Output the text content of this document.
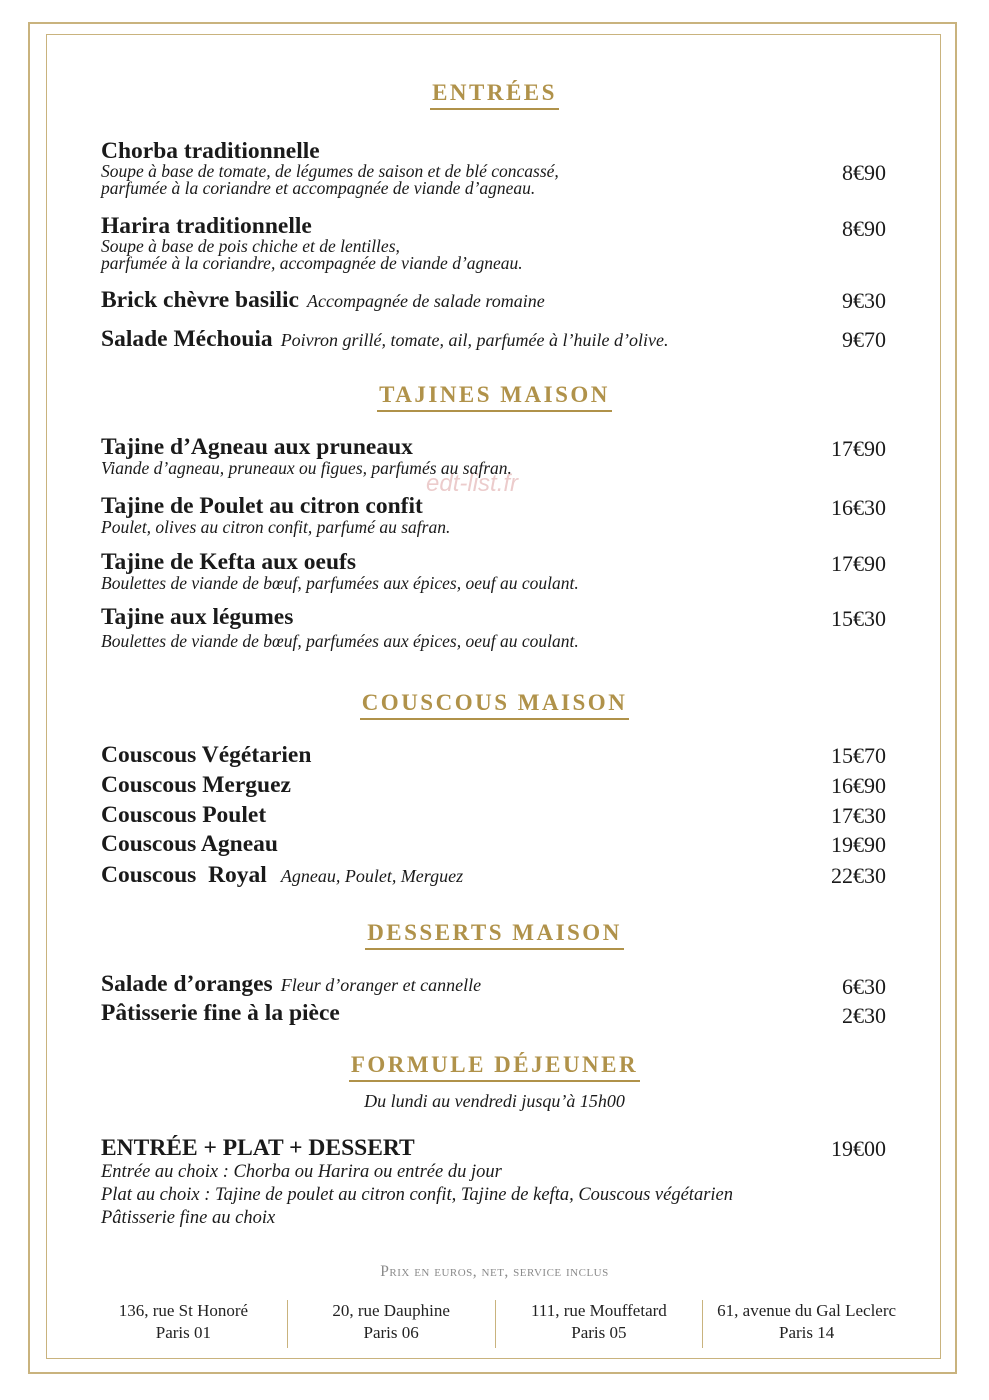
ENTRÉES
Chorba traditionnelle
Soupe à base de tomate, de légumes de saison et de blé concassé,
parfumée à la coriandre et accompagnée de viande d’agneau.
8€90
Harira traditionnelle
Soupe à base de pois chiche et de lentilles,
parfumée à la coriandre, accompagnée de viande d’agneau.
8€90
Brick chèvre basilic Accompagnée de salade romaine	9€30
Salade Méchouia Poivron grillé, tomate, ail, parfumée à l’huile d’olive.	9€70
TAJINES MAISON
Tajine d’Agneau aux pruneaux
Viande d’agneau, pruneaux ou figues, parfumés au safran.
17€90
Tajine de Poulet au citron confit
Poulet, olives au citron confit, parfumé au safran.
16€30
Tajine de Kefta aux oeufs
Boulettes de viande de bœuf, parfumées aux épices, oeuf au coulant.
17€90
Tajine aux légumes
Boulettes de viande de bœuf, parfumées aux épices, oeuf au coulant.
15€30
COUSCOUS MAISON
Couscous Végétarien	15€70
Couscous Merguez	16€90
Couscous Poulet	17€30
Couscous Agneau	19€90
Couscous  Royal Agneau, Poulet, Merguez	22€30
DESSERTS MAISON
Salade d’oranges Fleur d’oranger et cannelle	6€30
Pâtisserie fine à la pièce	2€30
FORMULE DÉJEUNER
Du lundi au vendredi jusqu’à 15h00
ENTRÉE + PLAT + DESSERT
Entrée au choix : Chorba ou Harira ou entrée du jour
Plat au choix : Tajine de poulet au citron confit, Tajine de kefta, Couscous végétarien
Pâtisserie fine au choix
19€00
Prix en euros, net, service inclus
136, rue St Honoré
Paris 01
20, rue Dauphine
Paris 06
111, rue Mouffetard
Paris 05
61, avenue du Gal Leclerc
Paris 14
edt-list.fr
